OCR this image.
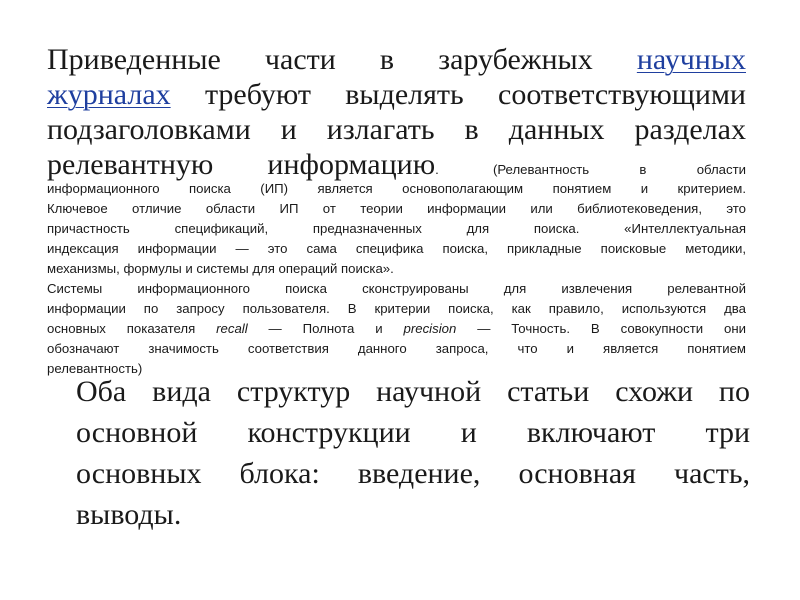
Приведенные части в зарубежных научных
журналах требуют выделять соответствующими
подзаголовками и излагать в данных разделах
релевантную информацию.	(Релевантность в области
информационного поиска (ИП) является основополагающим понятием и критерием.
Ключевое отличие области ИП от теории информации или библиотековедения, это
причастность спецификаций, предназначенных для поиска. «Интеллектуальная
индексация информации — это сама специфика поиска, прикладные поисковые методики,
механизмы, формулы и системы для операций поиска».
Системы информационного поиска сконструированы для извлечения релевантной
информации по запросу пользователя. В критерии поиска, как правило, используются два
основных показателя recall — Полнота и precision — Точность. В совокупности они
обозначают значимость соответствия данного запроса, что и является понятием
релевантность)
Оба вида структур научной статьи схожи по
основной конструкции и включают три
основных блока: введение, основная часть,
выводы.
